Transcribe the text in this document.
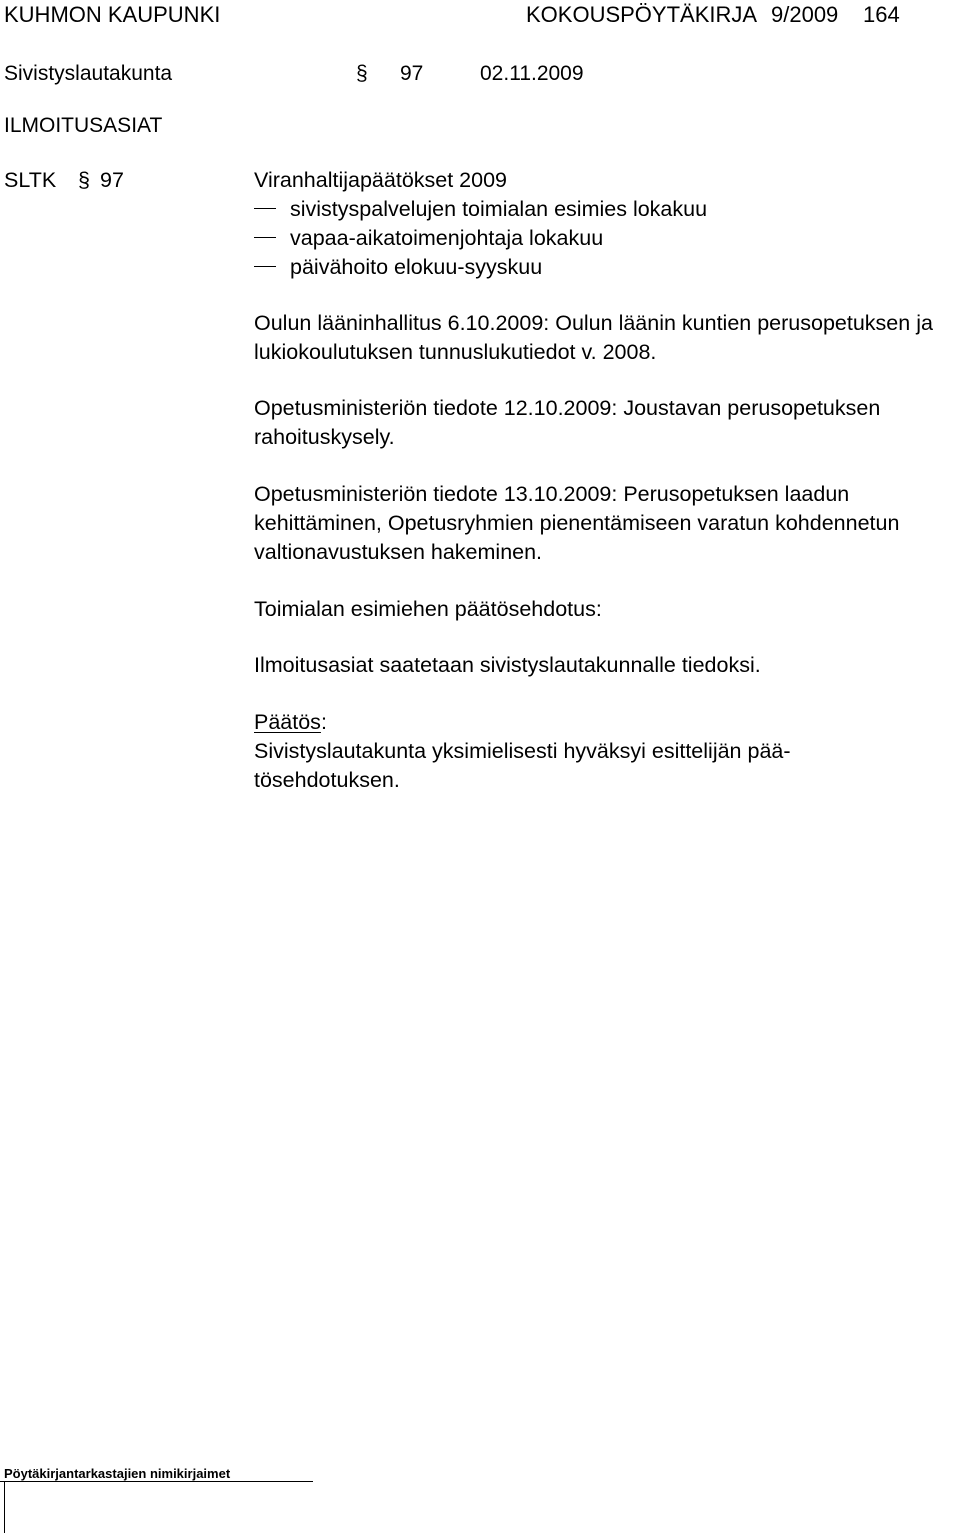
KUHMON KAUPUNKI	KOKOUSPÖYTÄKIRJA 9/2009 164
Sivistyslautakunta	§ 97	02.11.2009
ILMOITUSASIAT
SLTK § 97	Viranhaltijapäätökset 2009
sivistyspalvelujen toimialan esimies lokakuu
vapaa-aikatoimenjohtaja lokakuu
päivähoito elokuu-syyskuu
Oulun lääninhallitus 6.10.2009: Oulun läänin kuntien perusopetuksen ja lukiokoulutuksen tunnuslukutiedot v. 2008.
Opetusministeriön tiedote 12.10.2009: Joustavan perusopetuksen rahoituskysely.
Opetusministeriön tiedote 13.10.2009: Perusopetuksen laadun kehittäminen, Opetusryhmien pienentämiseen varatun kohdennetun valtionavustuksen hakeminen.
Toimialan esimiehen päätösehdotus:
Ilmoitusasiat saatetaan sivistyslautakunnalle tiedoksi.
Päätös:
Sivistyslautakunta yksimielisesti hyväksyi esittelijän pää-
tösehdotuksen.
Pöytäkirjantarkastajien nimikirjaimet
